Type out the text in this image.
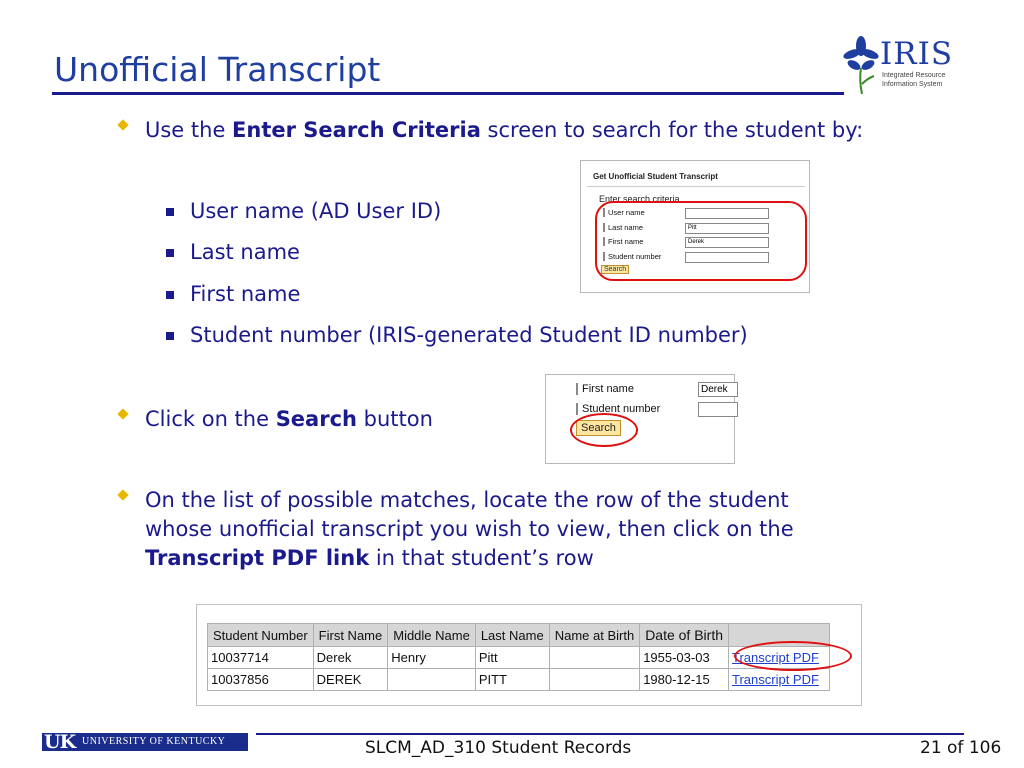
Unofficial Transcript	IRIS
Integrated Resource
Information System
Use the Enter Search Criteria screen to search for the student by:
User name (AD User ID)
Last name
First name
Student number (IRIS-generated Student ID number)
Click on the Search button
On the list of possible matches, locate the row of the student
whose unofficial transcript you wish to view, then click on the
Transcript PDF link in that student’s row
Get Unofficial Student Transcript
Enter search criteria
User name
Last name	Pitt
First name	Derek
Student number
Search
First name	Derek
Student number
Search
Student Number	First Name	Middle Name	Last Name	Name at Birth	Date of Birth	
10037714	Derek	Henry	Pitt		1955-03-03	Transcript PDF
10037856	DEREK		PITT		1980-12-15	Transcript PDF
UK UNIVERSITY OF KENTUCKY	SLCM_AD_310 Student Records	21 of 106
